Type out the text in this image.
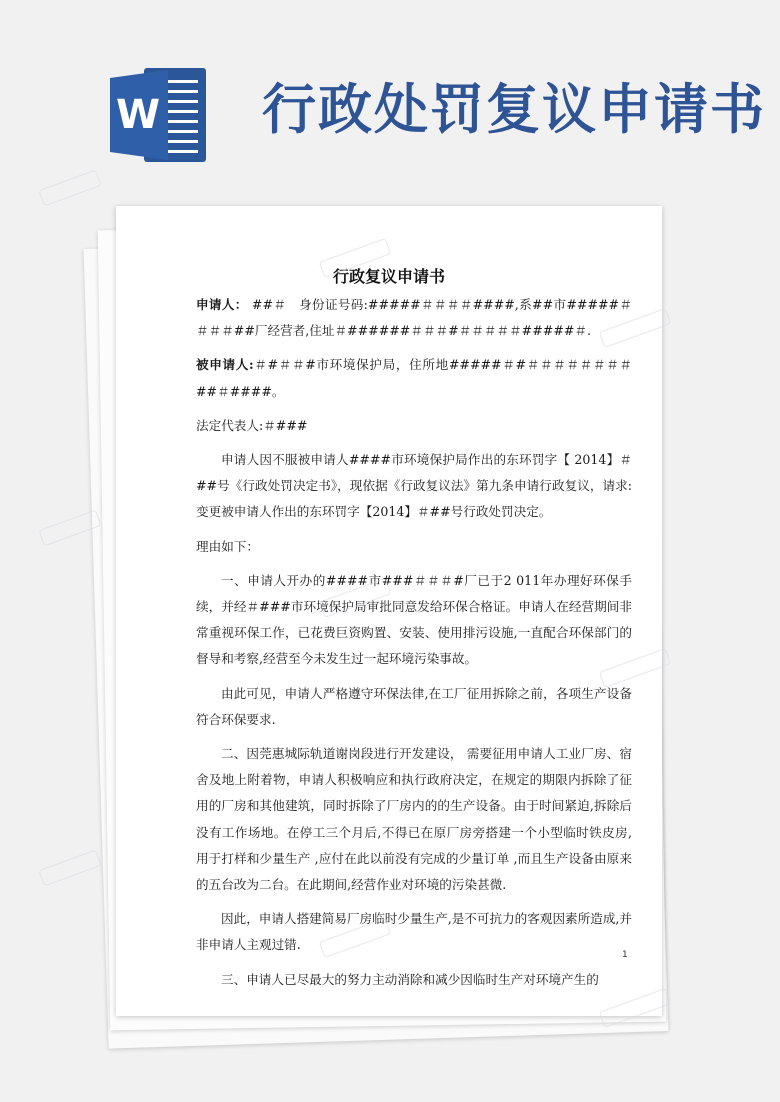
W 行政处罚复议申请书
行政复议申请书

申请人： ##＃　身份证号码:#####＃＃＃＃####,系##市#####＃＃＃＃##厂经营者,住址＃######＃＃＃#＃＃＃＃＃#####＃.

被申请人:＃#＃＃#市环境保护局，住所地#####＃#＃＃＃＃＃＃＃＃##＃####。

法定代表人:＃###

申请人因不服被申请人####市环境保护局作出的东环罚字【 2014】＃##号《行政处罚决定书》，现依据《行政复议法》第九条申请行政复议，请求:变更被申请人作出的东环罚字【2014】＃##号行政处罚决定。

理由如下：

一、申请人开办的####市###＃＃＃#厂已于2 011年办理好环保手续，并经＃###市环境保护局审批同意发给环保合格证。申请人在经营期间非常重视环保工作，已花费巨资购置、安装、使用排污设施,一直配合环保部门的督导和考察,经营至今未发生过一起环境污染事故。

由此可见，申请人严格遵守环保法律,在工厂征用拆除之前，各项生产设备符合环保要求.

二、因莞惠城际轨道谢岗段进行开发建设， 需要征用申请人工业厂房、宿舍及地上附着物，申请人积极响应和执行政府决定，在规定的期限内拆除了征用的厂房和其他建筑，同时拆除了厂房内的的生产设备。由于时间紧迫,拆除后没有工作场地。在停工三个月后,不得已在原厂房旁搭建一个小型临时铁皮房,用于打样和少量生产 ,应付在此以前没有完成的少量订单 ,而且生产设备由原来的五台改为二台。在此期间,经营作业对环境的污染甚微.

因此，申请人搭建简易厂房临时少量生产,是不可抗力的客观因素所造成,并非申请人主观过错.

三、申请人已尽最大的努力主动消除和减少因临时生产对环境产生的

1
